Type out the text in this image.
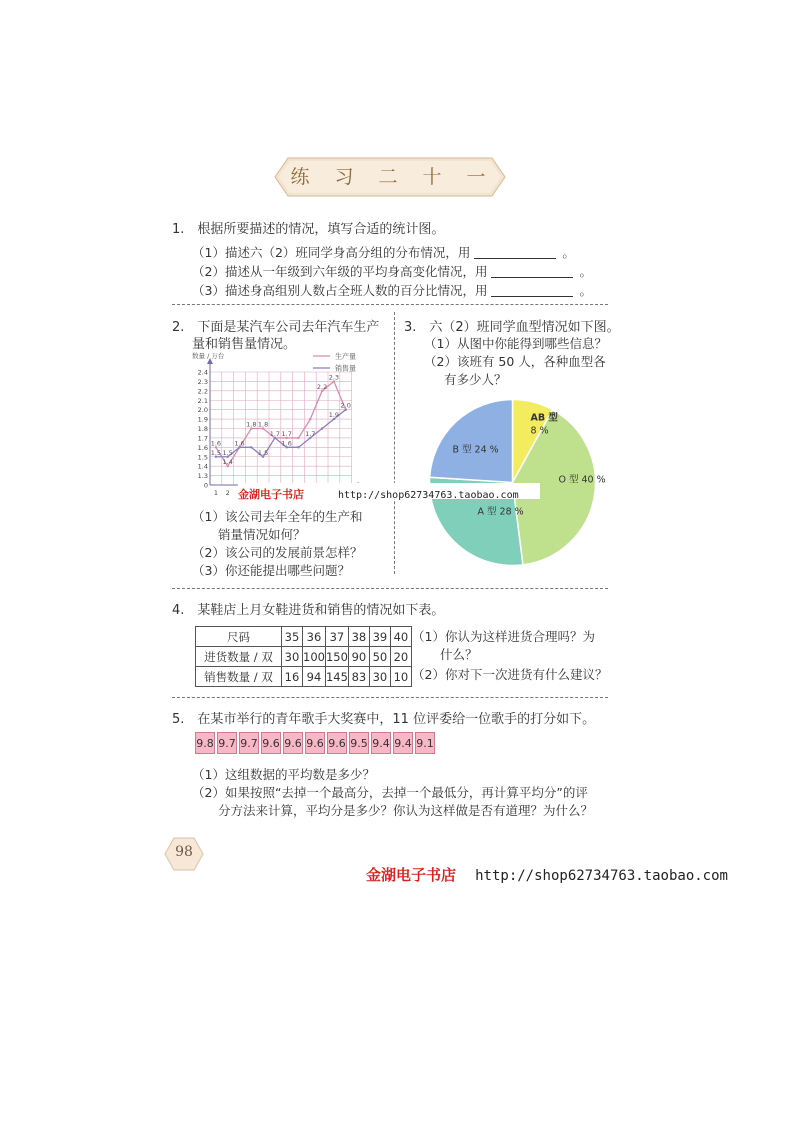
练 习 二 十 一
1.　根据所要描述的情况，填写合适的统计图。
（1）描述六（2）班同学身高分组的分布情况，用	。
（2）描述从一年级到六年级的平均身高变化情况，用	。
（3）描述身高组别人数占全班人数的百分比情况，用	。
2.　下面是某汽车公司去年汽车生产
量和销售量情况。
数量 / 万台
0
1.3
1.4
1.5
1.6
1.7
1.8
1.9
2.0
2.1
2.2
2.3
2.4
1 2
1.6
1.5
1.4
1.5
1.6
1.8 1.8
1.5
1.7 1.7
1.6
1.7
2.2
1.9
2.3
2.0
生产量
销售量
（1）该公司去年全年的生产和
销量情况如何？
（2）该公司的发展前景怎样？
（3）你还能提出哪些问题？
3.　六（2）班同学血型情况如下图。
（1）从图中你能得到哪些信息？
（2）该班有 50 人，各种血型各
有多少人？
AB 型
8 %
O 型 40 %
A 型 28 %
B 型 24 %
4.　某鞋店上月女鞋进货和销售的情况如下表。
尺码	35	36	37	38	39	40
进货数量 / 双	30	100	150	90	50	20
销售数量 / 双	16	94	145	83	30	10
（1）你认为这样进货合理吗？为
什么？
（2）你对下一次进货有什么建议？
5.　在某市举行的青年歌手大奖赛中，11 位评委给一位歌手的打分如下。
9.8 9.7 9.7 9.6 9.6 9.6 9.6 9.5 9.4 9.4 9.1
（1）这组数据的平均数是多少？
（2）如果按照“去掉一个最高分，去掉一个最低分，再计算平均分”的评
分方法来计算，平均分是多少？你认为这样做是否有道理？为什么？
98
金湖电子书店	http://shop62734763.taobao.com
金湖电子书店 http://shop62734763.taobao.com
